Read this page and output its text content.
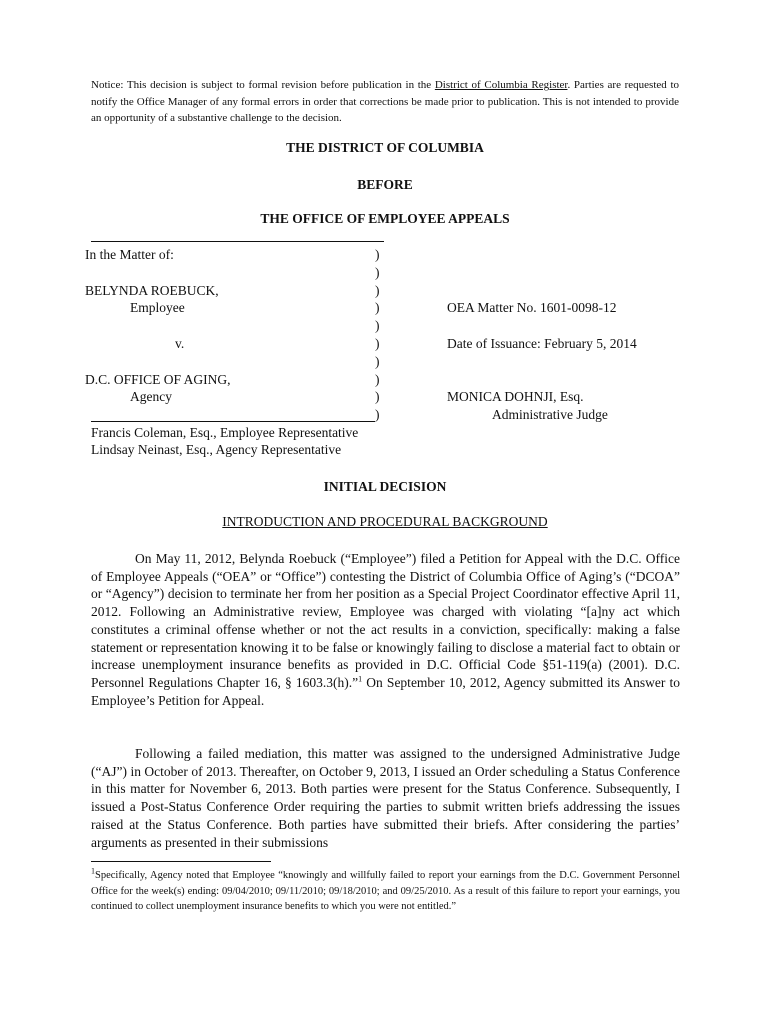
Notice: This decision is subject to formal revision before publication in the District of Columbia Register. Parties are requested to notify the Office Manager of any formal errors in order that corrections be made prior to publication. This is not intended to provide an opportunity of a substantive challenge to the decision.
THE DISTRICT OF COLUMBIA
BEFORE
THE OFFICE OF EMPLOYEE APPEALS
In the Matter of:
BELYNDA ROEBUCK,
Employee
v.
D.C. OFFICE OF AGING,
Agency
)
)
)
)
)
)
)
)
)
)
OEA Matter No. 1601-0098-12
Date of Issuance: February 5, 2014
MONICA DOHNJI, Esq.
Administrative Judge
Francis Coleman, Esq., Employee Representative
Lindsay Neinast, Esq., Agency Representative
INITIAL DECISION
INTRODUCTION AND PROCEDURAL BACKGROUND

On May 11, 2012, Belynda Roebuck (“Employee”) filed a Petition for Appeal with the D.C. Office of Employee Appeals (“OEA” or “Office”) contesting the District of Columbia Office of Aging’s (“DCOA” or “Agency”) decision to terminate her from her position as a Special Project Coordinator effective April 11, 2012. Following an Administrative review, Employee was charged with violating “[a]ny act which constitutes a criminal offense whether or not the act results in a conviction, specifically: making a false statement or representation knowing it to be false or knowingly failing to disclose a material fact to obtain or increase unemployment insurance benefits as provided in D.C. Official Code §51-119(a) (2001). D.C. Personnel Regulations Chapter 16, § 1603.3(h).”$^1$ On September 10, 2012, Agency submitted its Answer to Employee’s Petition for Appeal.

Following a failed mediation, this matter was assigned to the undersigned Administrative Judge (“AJ”) in October of 2013. Thereafter, on October 9, 2013, I issued an Order scheduling a Status Conference in this matter for November 6, 2013. Both parties were present for the Status Conference. Subsequently, I issued a Post-Status Conference Order requiring the parties to submit written briefs addressing the issues raised at the Status Conference. Both parties have submitted their briefs. After considering the parties’ arguments as presented in their submissions

$^1$Specifically, Agency noted that Employee “knowingly and willfully failed to report your earnings from the D.C. Government Personnel Office for the week(s) ending: 09/04/2010; 09/11/2010; 09/18/2010; and 09/25/2010. As a result of this failure to report your earnings, you continued to collect unemployment insurance benefits to which you were not entitled.”
